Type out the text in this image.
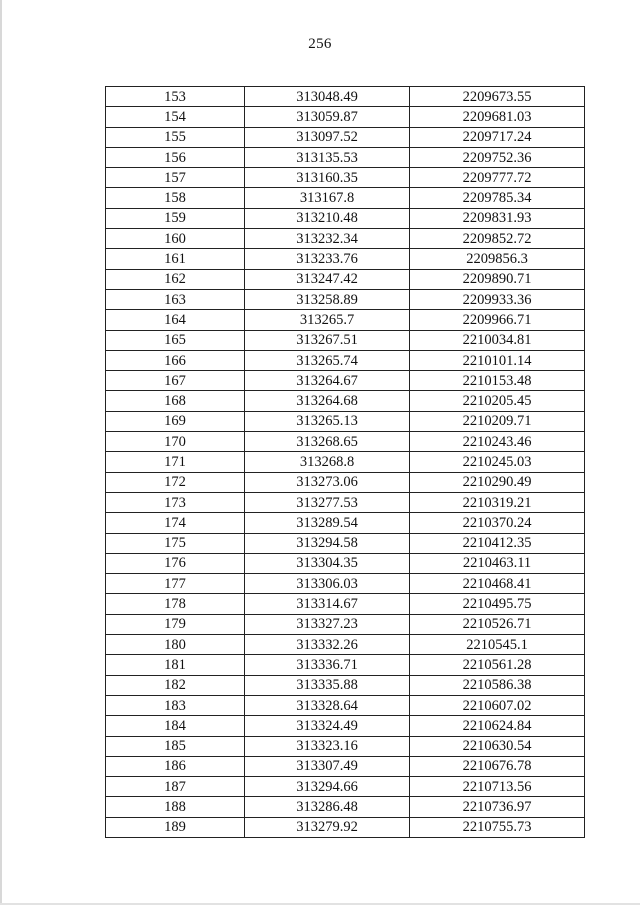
256
153	313048.49	2209673.55
154	313059.87	2209681.03
155	313097.52	2209717.24
156	313135.53	2209752.36
157	313160.35	2209777.72
158	313167.8	2209785.34
159	313210.48	2209831.93
160	313232.34	2209852.72
161	313233.76	2209856.3
162	313247.42	2209890.71
163	313258.89	2209933.36
164	313265.7	2209966.71
165	313267.51	2210034.81
166	313265.74	2210101.14
167	313264.67	2210153.48
168	313264.68	2210205.45
169	313265.13	2210209.71
170	313268.65	2210243.46
171	313268.8	2210245.03
172	313273.06	2210290.49
173	313277.53	2210319.21
174	313289.54	2210370.24
175	313294.58	2210412.35
176	313304.35	2210463.11
177	313306.03	2210468.41
178	313314.67	2210495.75
179	313327.23	2210526.71
180	313332.26	2210545.1
181	313336.71	2210561.28
182	313335.88	2210586.38
183	313328.64	2210607.02
184	313324.49	2210624.84
185	313323.16	2210630.54
186	313307.49	2210676.78
187	313294.66	2210713.56
188	313286.48	2210736.97
189	313279.92	2210755.73
